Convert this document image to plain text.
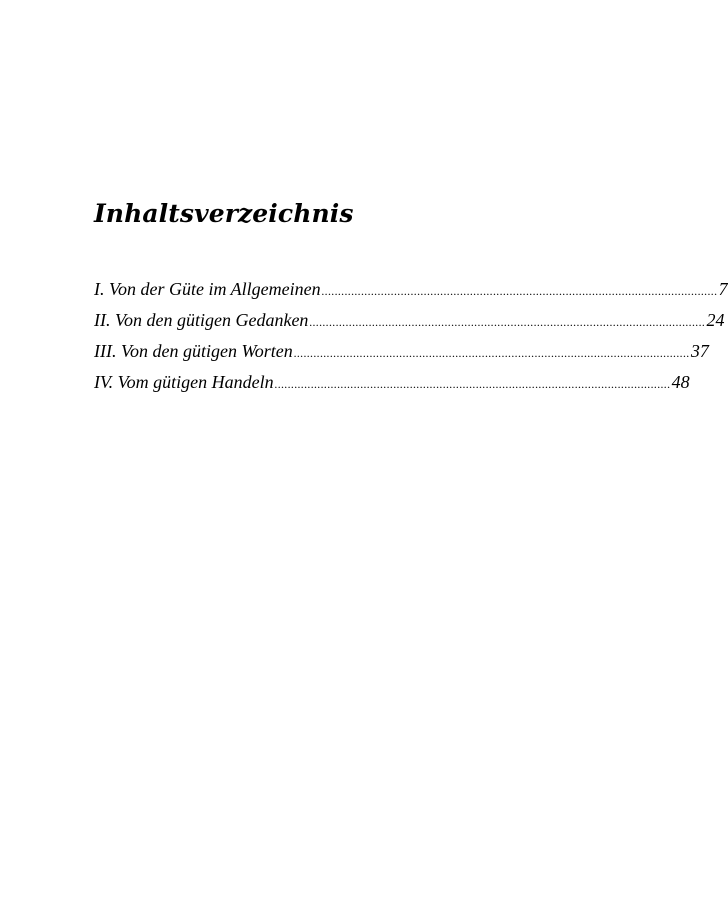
Inhaltsverzeichnis
I. Von der Güte im Allgemeinen ........................................................................................................................ 7
II. Von den gütigen Gedanken ........................................................................................................................ 24
III. Von den gütigen Worten ........................................................................................................................ 37
IV. Vom gütigen Handeln ........................................................................................................................ 48
